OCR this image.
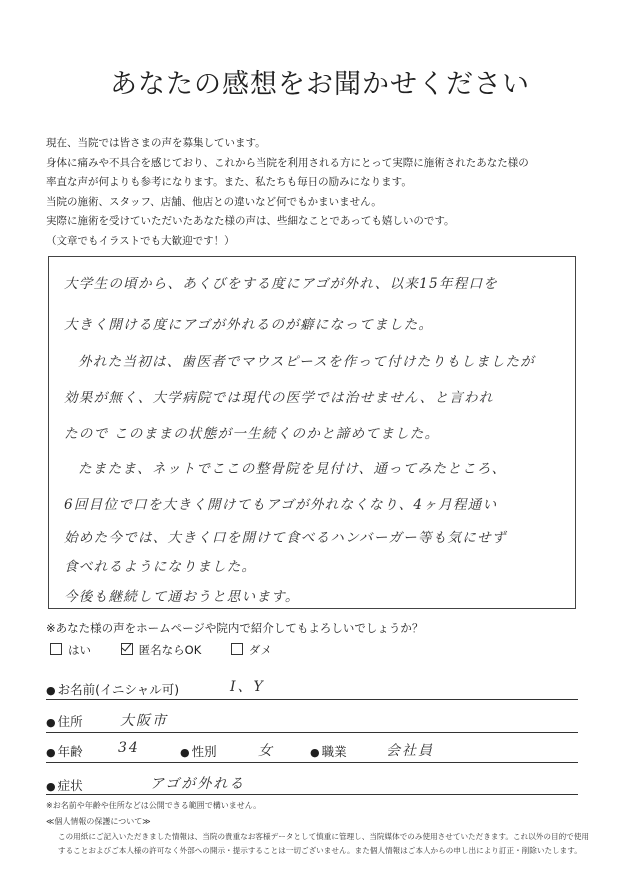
あなたの感想をお聞かせください
現在、当院では皆さまの声を募集しています。
身体に痛みや不具合を感じており、これから当院を利用される方にとって実際に施術されたあなた様の
率直な声が何よりも参考になります。また、私たちも毎日の励みになります。
当院の施術、スタッフ、店舗、他店との違いなど何でもかまいません。
実際に施術を受けていただいたあなた様の声は、些細なことであっても嬉しいのです。
（文章でもイラストでも大歓迎です！）
大学生の頃から、あくびをする度にアゴが外れ、以来15年程口を
大きく開ける度にアゴが外れるのが癖になってました。
外れた当初は、歯医者でマウスピースを作って付けたりもしましたが
効果が無く、大学病院では現代の医学では治せません、と言われ
たので このままの状態が一生続くのかと諦めてました。
たまたま、ネットでここの整骨院を見付け、通ってみたところ、
6回目位で口を大きく開けてもアゴが外れなくなり、4ヶ月程通い
始めた今では、大きく口を開けて食べるハンバーガー等も気にせず
食べれるようになりました。
今後も継続して通おうと思います。
※あなた様の声をホームページや院内で紹介してもよろしいでしょうか？
はい	匿名ならOK	ダメ
● お名前(イニシャル可)	I、Y
● 住所	大阪市
● 年齢	34	● 性別	女	● 職業	会社員
● 症状	アゴが外れる
※お名前や年齢や住所などは公開できる範囲で構いません。
≪個人情報の保護について≫
この用紙にご記入いただきました情報は、当院の貴重なお客様データとして慎重に管理し、当院媒体でのみ使用させていただきます。これ以外の目的で使用
することおよびご本人様の許可なく外部への開示・提示することは一切ございません。また個人情報はご本人からの申し出により訂正・削除いたします。
